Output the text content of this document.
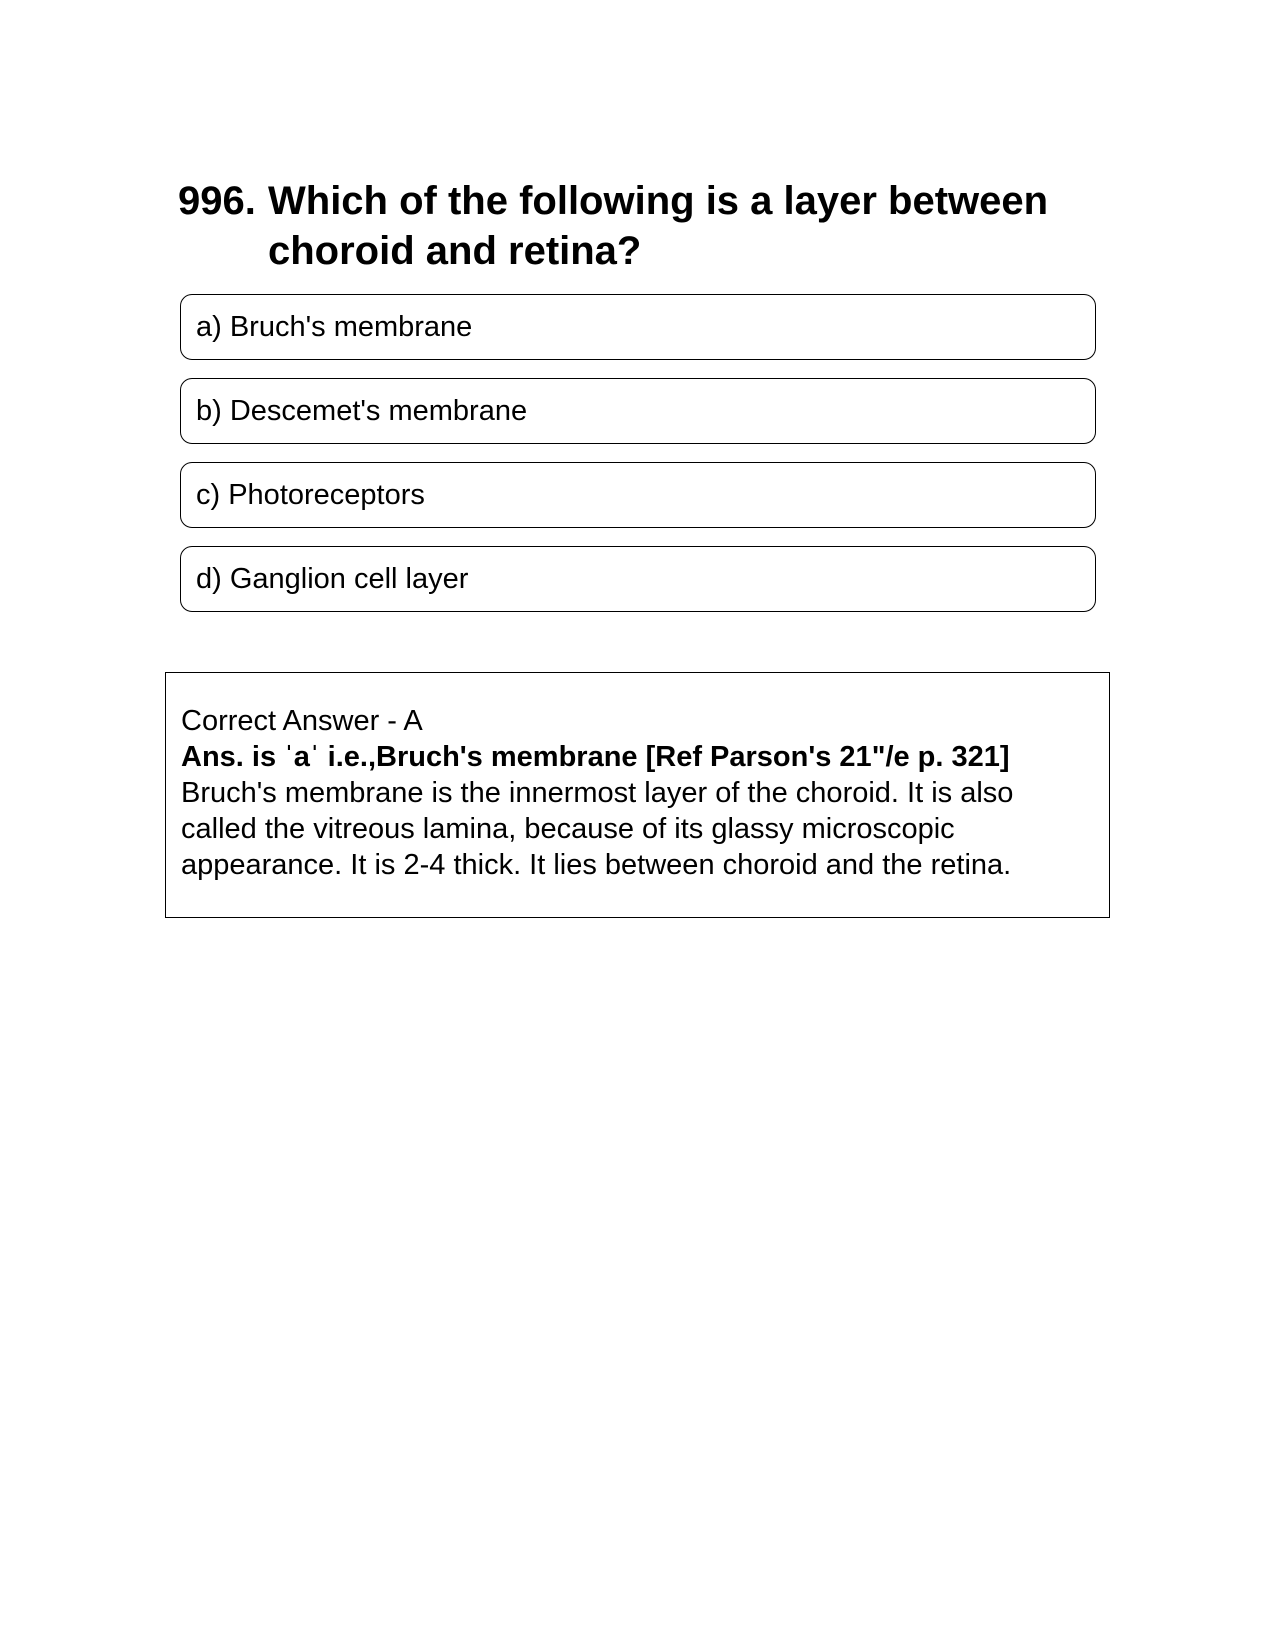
996. Which of the following is a layer between choroid and retina?
a) Bruch's membrane
b) Descemet's membrane
c) Photoreceptors
d) Ganglion cell layer
Correct Answer - A
Ans. is ˈaˈ i.e.,Bruch's membrane [Ref Parson's 21"/e p. 321]
Bruch's membrane is the innermost layer of the choroid. It is also called the vitreous lamina, because of its glassy microscopic appearance. It is 2-4 thick. It lies between choroid and the retina.
